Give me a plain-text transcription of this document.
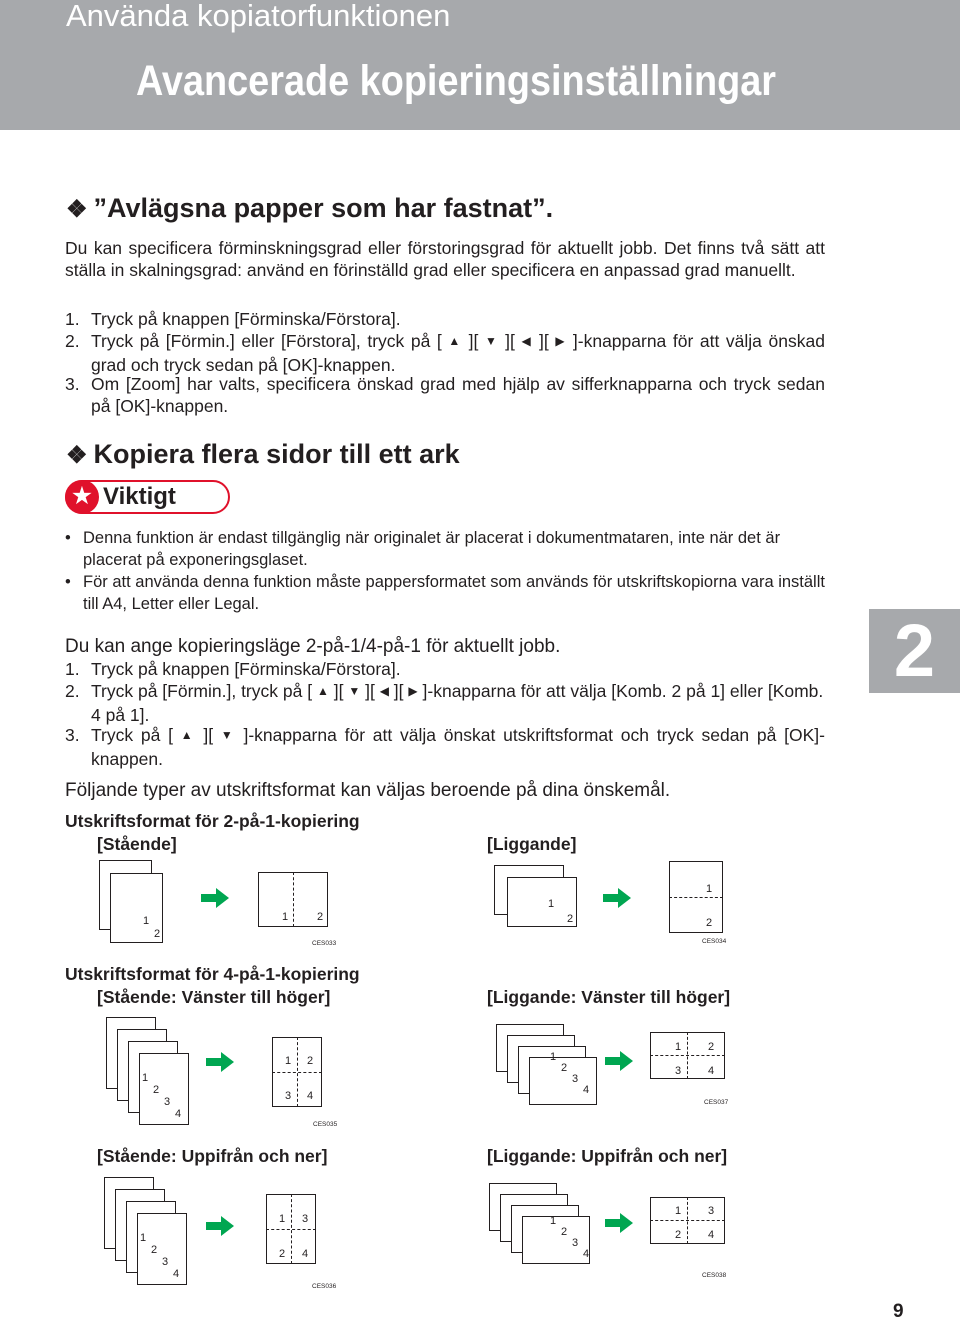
Använda kopiatorfunktionen
Avancerade kopieringsinställningar
❖ ”Avlägsna papper som har fastnat”.
Du kan specificera förminskningsgrad eller förstoringsgrad för aktuellt jobb. Det finns två sätt att ställa in skalningsgrad: använd en förinställd grad eller specificera en anpassad grad manuellt.
1. Tryck på knappen [Förminska/Förstora].
2. Tryck på [Förmin.] eller [Förstora], tryck på [ ▲ ][ ▼ ][ ◀ ][ ▶ ]-knapparna för att välja önskad grad och tryck sedan på [OK]-knappen.
3. Om [Zoom] har valts, specificera önskad grad med hjälp av sifferknapparna och tryck sedan på [OK]-knappen.
❖ Kopiera flera sidor till ett ark
★ Viktigt
• Denna funktion är endast tillgänglig när originalet är placerat i dokumentmataren, inte när det är placerat på exponeringsglaset.
• För att använda denna funktion måste pappersformatet som används för utskriftskopiorna vara inställt till A4, Letter eller Legal.
Du kan ange kopieringsläge 2-på-1/4-på-1 för aktuellt jobb.
1. Tryck på knappen [Förminska/Förstora].
2. Tryck på [Förmin.], tryck på [ ▲ ][ ▼ ][ ◀ ][ ▶ ]-knapparna för att välja [Komb. 2 på 1] eller [Komb. 4 på 1].
3. Tryck på [ ▲ ][ ▼ ]-knapparna för att välja önskat utskriftsformat och tryck sedan på [OK]-knappen.
Följande typer av utskriftsformat kan väljas beroende på dina önskemål.
2
Utskriftsformat för 2-på-1-kopiering
[Stående]	[Liggande]
Utskriftsformat för 4-på-1-kopiering
[Stående: Vänster till höger]	[Liggande: Vänster till höger]
[Stående: Uppifrån och ner]	[Liggande: Uppifrån och ner]
1
2
1	2
CES033
1
2
1
2
CES034
1
2
3
4
1 2
3 4
CES035
1
2
3
4
1 2
3 4
CES037
1
2
3
4
1 3
2 4
CES036
1
2
3
4
1 3
2 4
CES038
9
